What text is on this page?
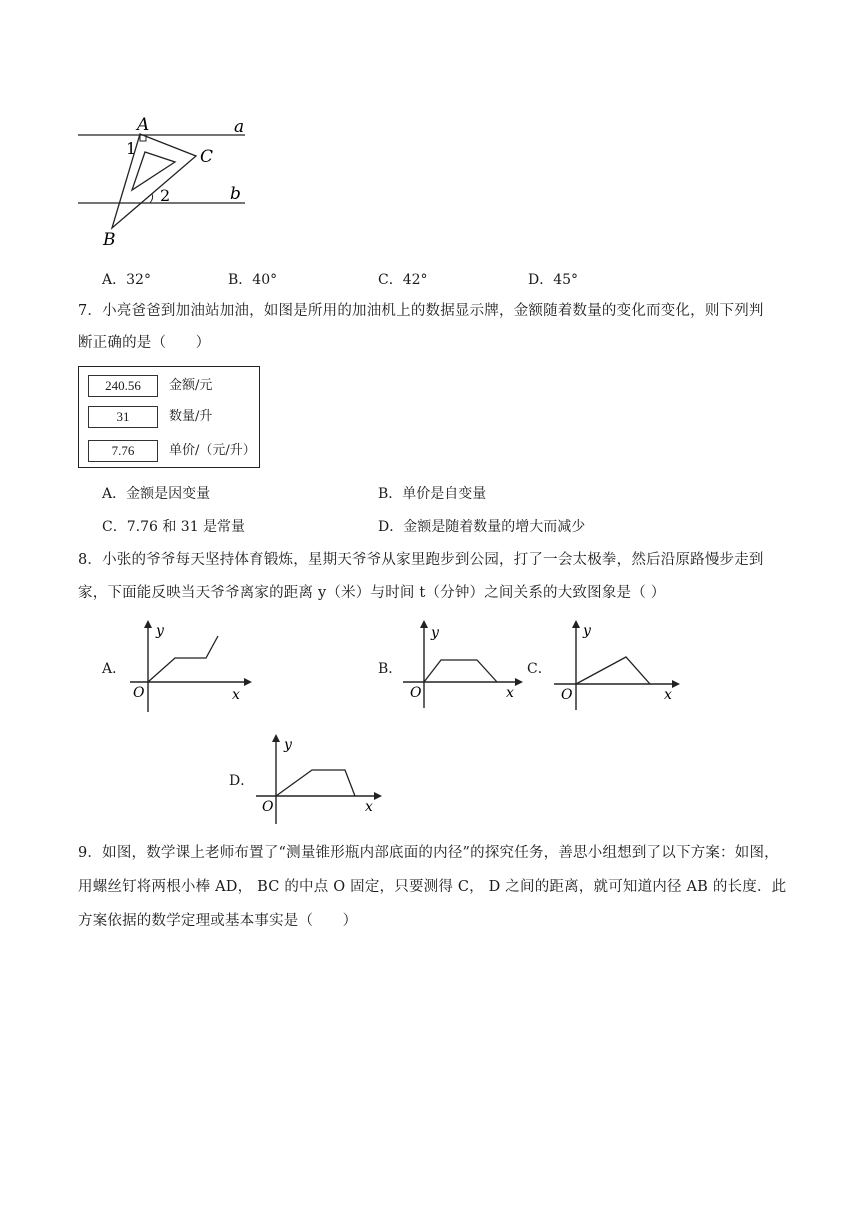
A	a
1	C
b
2
B
A．32°	B．40°	C．42°	D．45°
7．小亮爸爸到加油站加油，如图是所用的加油机上的数据显示牌，金额随着数量的变化而变化，则下列判
断正确的是（　　）
240.56	金额/元
31	数量/升
7.76	单价/（元/升）
A．金额是因变量	B．单价是自变量
C．7.76 和 31 是常量	D．金额是随着数量的增大而减少
8．小张的爷爷每天坚持体育锻炼，星期天爷爷从家里跑步到公园，打了一会太极拳，然后沿原路慢步走到
家，下面能反映当天爷爷离家的距离 y（米）与时间 t（分钟）之间关系的大致图象是（ ）
A．
y
x
O
B．
y
x
O
C．
y
x
O
D．
y
x
O
9．如图，数学课上老师布置了“测量锥形瓶内部底面的内径”的探究任务，善思小组想到了以下方案：如图，
用螺丝钉将两根小棒 AD， BC 的中点 O 固定，只要测得 C， D 之间的距离，就可知道内径 AB 的长度．此
方案依据的数学定理或基本事实是（　　）
